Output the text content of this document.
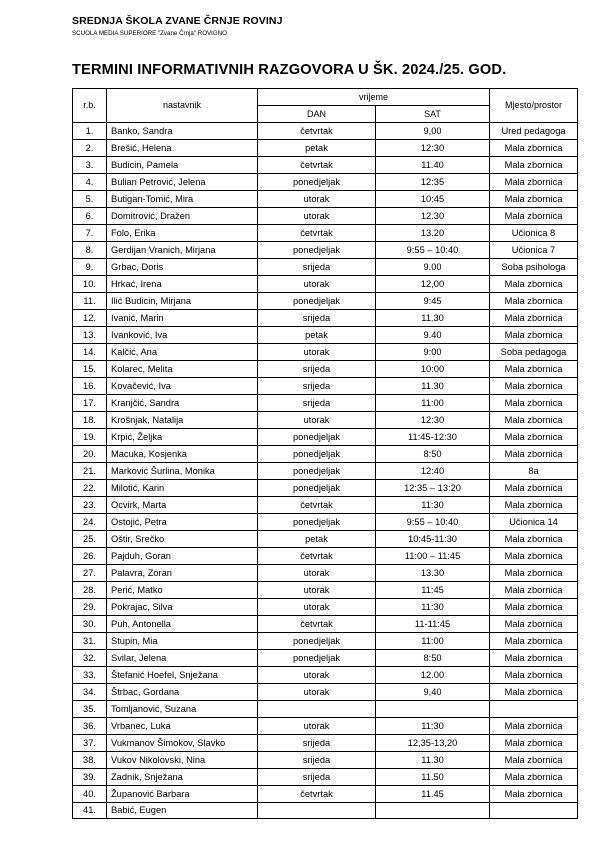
SREDNJA ŠKOLA ZVANE ČRNJE ROVINJ
SCUOLA MEDIA SUPERIORE "Zvane Črnja" ROVIGNO
TERMINI INFORMATIVNIH RAZGOVORA U ŠK. 2024./25. GOD.
r.b.	nastavnik	vrijeme		Mjesto/prostor
		DAN	SAT	
1.	Banko, Sandra	četvrtak	9,00	Ured pedagoga
2.	Brešić, Helena	petak	12:30	Mala zbornica
3.	Budicin, Pamela	četvrtak	11.40	Mala zbornica
4.	Bulian Petrović, Jelena	ponedjeljak	12:35	Mala zbornica
5.	Butigan-Tomić, Mira	utorak	10:45	Mala zbornica
6.	Domitrović, Dražen	utorak	12.30	Mala zbornica
7.	Folo, Erika	četvrtak	13.20	Učionica 8
8.	Gerdijan Vranich, Mirjana	ponedjeljak	9:55 – 10:40	Učionica 7
9.	Grbac, Doris	srijeda	9.00	Soba psihologa
10.	Hrkać, Irena	utorak	12,00	Mala zbornica
11.	Ilić Budicin, Mirjana	ponedjeljak	9:45	Mala zbornica
12.	Ivanić, Marin	srijeda	11.30	Mala zbornica
13.	Ivanković, Iva	petak	9.40	Mala zbornica
14.	Kalčić, Ana	utorak	9:00	Soba pedagoga
15.	Kolarec, Melita	srijeda	10:00	Mala zbornica
16.	Kovačević, Iva	srijeda	11.30	Mala zbornica
17.	Kranjčić, Sandra	srijeda	11:00	Mala zbornica
18.	Krošnjak, Natalija	utorak	12:30	Mala zbornica
19.	Krpić, Željka	ponedjeljak	11:45-12:30	Mala zbornica
20.	Macuka, Kosjenka	ponedjeljak	8:50	Mala zbornica
21.	Marković Šurlina, Monika	ponedjeljak	12:40	8a
22.	Milotić, Karin	ponedjeljak	12:35 – 13:20	Mala zbornica
23.	Ocvirk, Marta	četvrtak	11:30	Mala zbornica
24.	Ostojić, Petra	ponedjeljak	9:55 – 10:40	Učionica 14
25.	Oštir, Srečko	petak	10:45-11:30	Mala zbornica
26.	Pajduh, Goran	četvrtak	11:00 – 11:45	Mala zbornica
27.	Palavra, Zoran	utorak	13.30	Mala zbornica
28.	Perić, Matko	utorak	11:45	Mala zbornica
29.	Pokrajac, Silva	utorak	11:30	Mala zbornica
30.	Puh, Antonella	četvrtak	11-11:45	Mala zbornica
31.	Stupin, Mia	ponedjeljak	11:00	Mala zbornica
32.	Svilar, Jelena	ponedjeljak	8:50	Mala zbornica
33.	Štefanić Hoefel, Snježana	utorak	12.00	Mala zbornica
34.	Štrbac, Gordana	utorak	9,40	Mala zbornica
35.	Tomljanović, Suzana			
36.	Vrbanec, Luka	utorak	11:30	Mala zbornica
37.	Vukmanov Šimokov, Slavko	srijeda	12,35-13,20	Mala zbornica
38.	Vukov Nikolovski, Nina	srijeda	11.30	Mala zbornica
39.	Zadnik, Snježana	srijeda	11.50	Mala zbornica
40.	Županović Barbara	četvrtak	11.45	Mala zbornica
41.	Babić, Eugen			
